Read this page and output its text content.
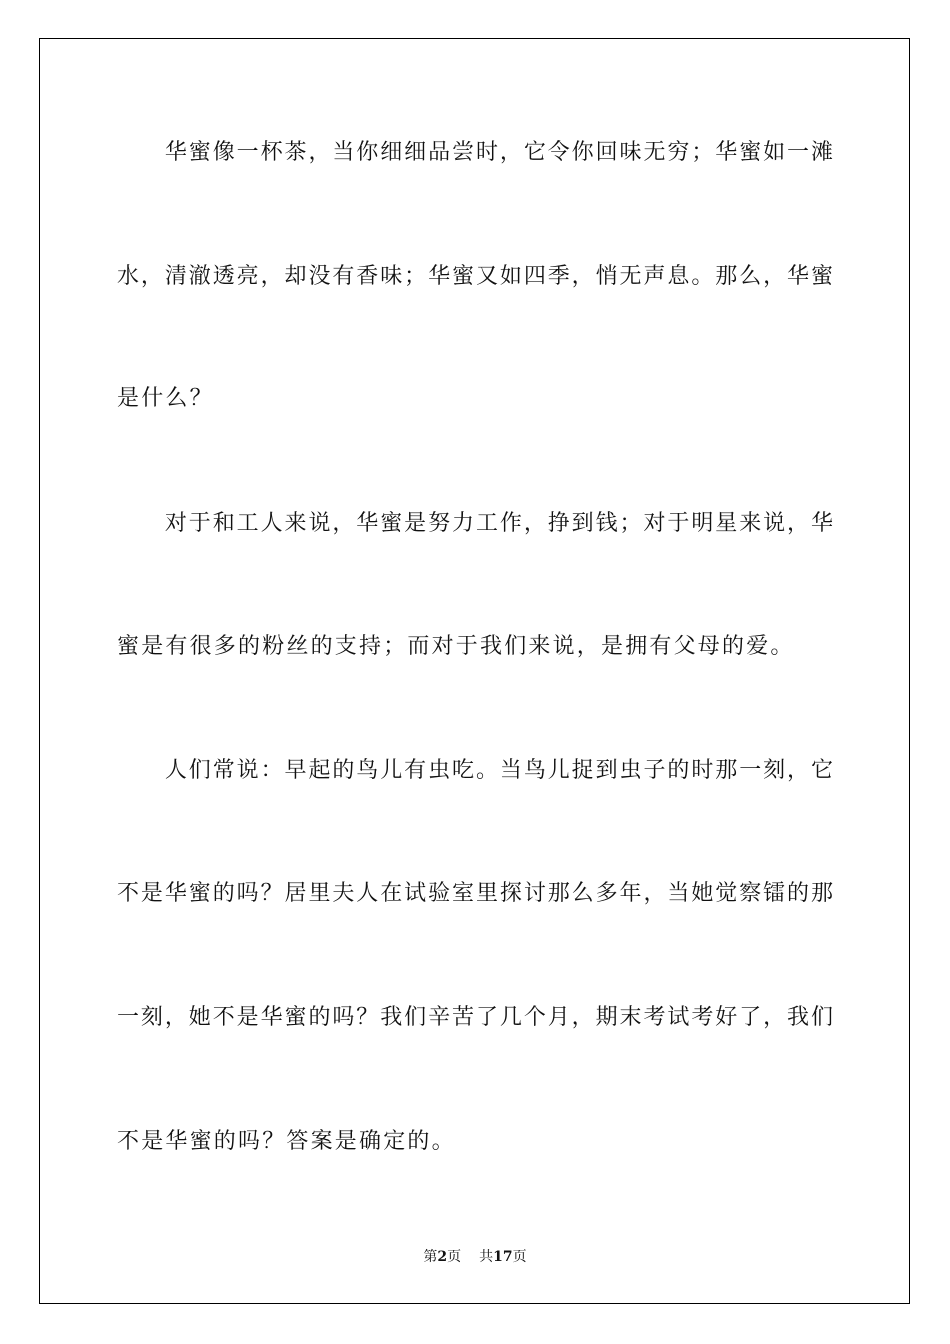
　　华蜜像一杯茶，当你细细品尝时，它令你回味无穷；华蜜如一滩
水，清澈透亮，却没有香味；华蜜又如四季，悄无声息。那么，华蜜
是什么？
　　对于和工人来说，华蜜是努力工作，挣到钱；对于明星来说，华
蜜是有很多的粉丝的支持；而对于我们来说，是拥有父母的爱。
　　人们常说：早起的鸟儿有虫吃。当鸟儿捉到虫子的时那一刻，它
不是华蜜的吗？居里夫人在试验室里探讨那么多年，当她觉察镭的那
一刻，她不是华蜜的吗？我们辛苦了几个月，期末考试考好了，我们
不是华蜜的吗？答案是确定的。
第2页 共17页
